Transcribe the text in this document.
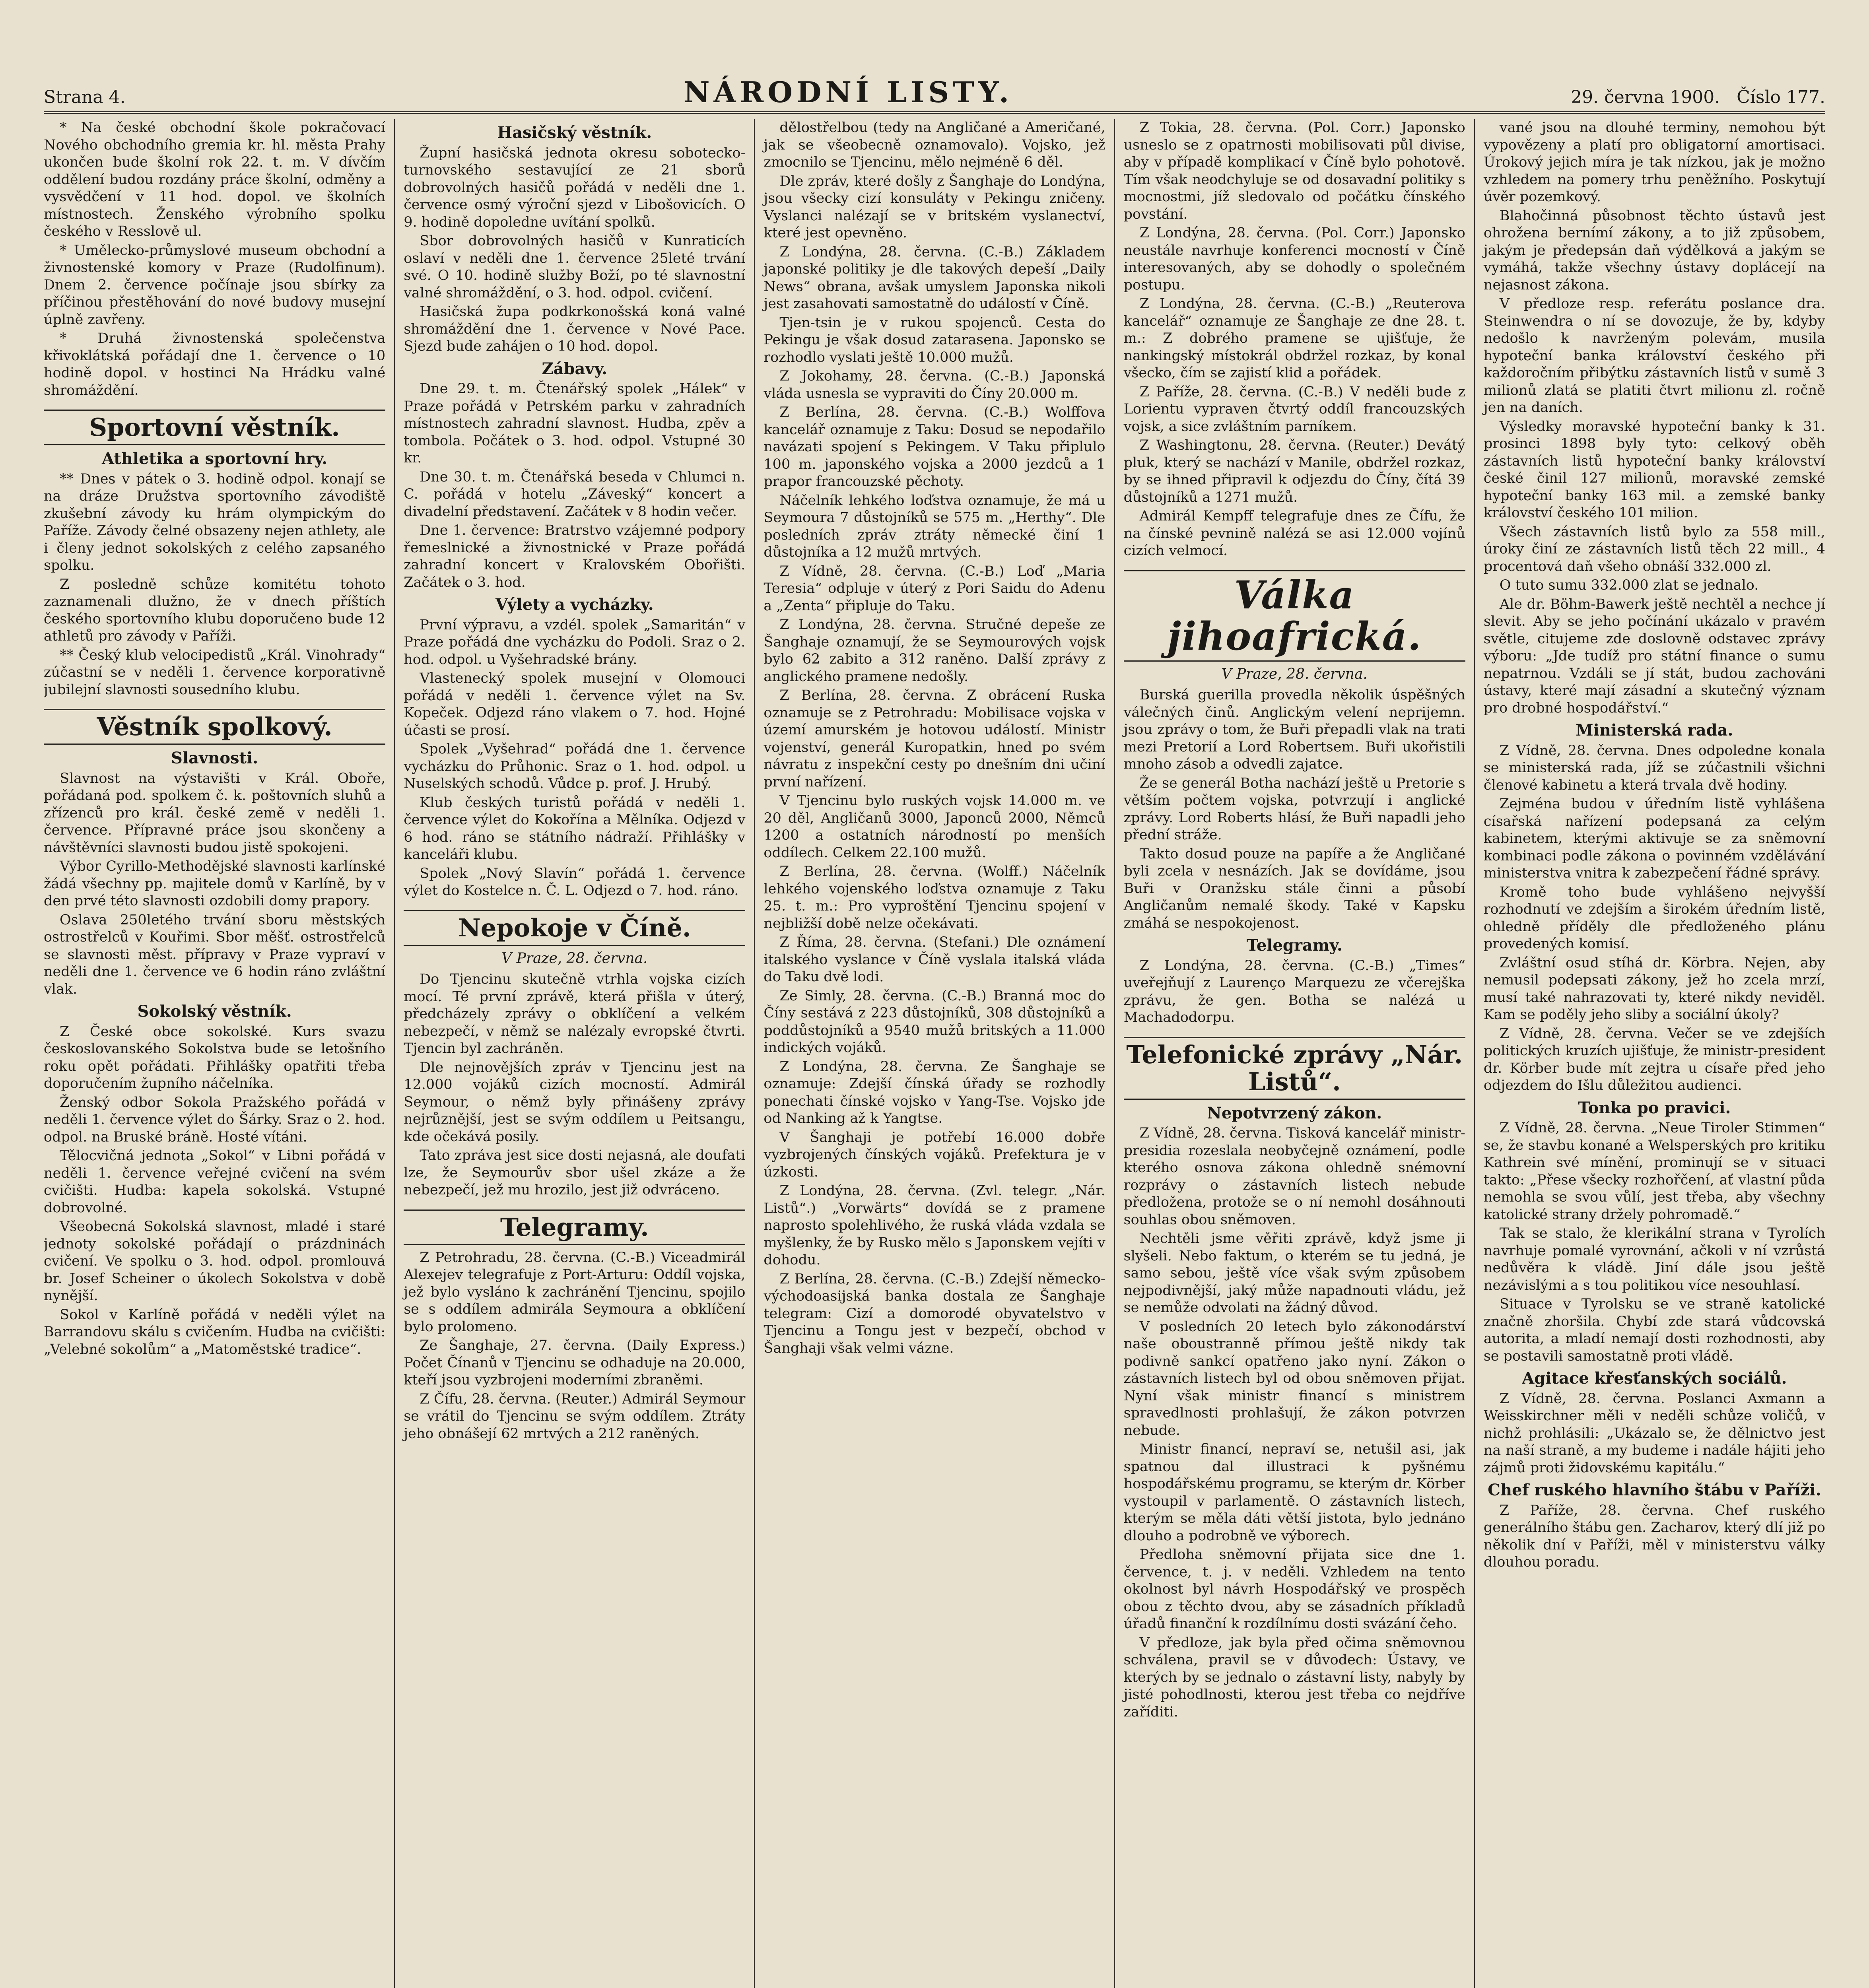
Strana 4.	NÁRODNÍ LISTY.	29. června 1900. Číslo 177.

* Na české obchodní škole pokračovací Nového obchodního gremia kr. hl. města Prahy ukončen bude školní rok 22. t. m. V dívčím oddělení budou rozdány práce školní, odměny a vysvědčení v 11 hod. dopol. ve školních místnostech. Ženského výrobního spolku českého v Resslově ul.

* Umělecko-průmyslové museum obchodní a živnostenské komory v Praze (Rudolfinum). Dnem 2. července počínaje jsou sbírky za příčinou přestěhování do nové budovy musejní úplně zavřeny.

* Druhá živnostenská společenstva křivoklátská pořádají dne 1. července o 10 hodině dopol. v hostinci Na Hrádku valné shromáždění.

Sportovní věstník.
Athletika a sportovní hry.

** Dnes v pátek o 3. hodině odpol. konají se na dráze Družstva sportovního závodiště zkušební závody ku hrám olympickým do Paříže. Závody čelné obsazeny nejen athlety, ale i členy jednot sokolských z celého zapsaného spolku.

Z posledně schůze komitétu tohoto zaznamenali dlužno, že v dnech příštích českého sportovního klubu doporučeno bude 12 athletů pro závody v Paříži.

** Český klub velocipedistů „Král. Vinohrady“ zúčastní se v neděli 1. července korporativně jubilejní slavnosti sousedního klubu.

Věstník spolkový.
Slavnosti.

Slavnost na výstavišti v Král. Oboře, pořádaná pod. spolkem č. k. poštovních sluhů a zřízenců pro král. české země v neděli 1. července. Přípravné práce jsou skončeny a návštěvníci slavnosti budou jistě spokojeni.

Výbor Cyrillo-Methodějské slavnosti karlínské žádá všechny pp. majitele domů v Karlíně, by v den prvé této slavnosti ozdobili domy prapory.

Oslava 250letého trvání sboru městských ostrostřelců v Kouřimi. Sbor měšť. ostrostřelců se slavnosti měst. přípravy v Praze vypraví v neděli dne 1. července ve 6 hodin ráno zvláštní vlak.

Sokolský věstník.

Z České obce sokolské. Kurs svazu českoslovanského Sokolstva bude se letošního roku opět pořádati. Přihlášky opatřiti třeba doporučením župního náčelníka.

Ženský odbor Sokola Pražského pořádá v neděli 1. července výlet do Šárky. Sraz o 2. hod. odpol. na Bruské bráně. Hosté vítáni.

Tělocvičná jednota „Sokol“ v Libni pořádá v neděli 1. července veřejné cvičení na svém cvičišti. Hudba: kapela sokolská. Vstupné dobrovolné.

Všeobecná Sokolská slavnost, mladé i staré jednoty sokolské pořádají o prázdninách cvičení. Ve spolku o 3. hod. odpol. promlouvá br. Josef Scheiner o úkolech Sokolstva v době nynější.

Sokol v Karlíně pořádá v neděli výlet na Barrandovu skálu s cvičením. Hudba na cvičišti: „Velebné sokolům“ a „Matoměstské tradice“.

Hasičský věstník.

Župní hasičská jednota okresu sobotecko-turnovského sestavující ze 21 sborů dobrovolných hasičů pořádá v neděli dne 1. července osmý výroční sjezd v Libošovicích. O 9. hodině dopoledne uvítání spolků.

Sbor dobrovolných hasičů v Kunraticích oslaví v neděli dne 1. července 25leté trvání své. O 10. hodině služby Boží, po té slavnostní valné shromáždění, o 3. hod. odpol. cvičení.

Hasičská župa podkrkonošská koná valné shromáždění dne 1. července v Nové Pace. Sjezd bude zahájen o 10 hod. dopol.

Zábavy.

Dne 29. t. m. Čtenářský spolek „Hálek“ v Praze pořádá v Petrském parku v zahradních místnostech zahradní slavnost. Hudba, zpěv a tombola. Počátek o 3. hod. odpol. Vstupné 30 kr.

Dne 30. t. m. Čtenářská beseda v Chlumci n. C. pořádá v hotelu „Záveský“ koncert a divadelní představení. Začátek v 8 hodin večer.

Dne 1. července: Bratrstvo vzájemné podpory řemeslnické a živnostnické v Praze pořádá zahradní koncert v Kralovském Obořišti. Začátek o 3. hod.

Výlety a vycházky.

První výpravu, a vzdél. spolek „Samaritán“ v Praze pořádá dne vycházku do Podoli. Sraz o 2. hod. odpol. u Vyšehradské brány.

Vlastenecký spolek musejní v Olomouci pořádá v neděli 1. července výlet na Sv. Kopeček. Odjezd ráno vlakem o 7. hod. Hojné účasti se prosí.

Spolek „Vyšehrad“ pořádá dne 1. července vycházku do Průhonic. Sraz o 1. hod. odpol. u Nuselských schodů. Vůdce p. prof. J. Hrubý.

Klub českých turistů pořádá v neděli 1. července výlet do Kokořína a Mělníka. Odjezd v 6 hod. ráno se státního nádraží. Přihlášky v kanceláři klubu.

Spolek „Nový Slavín“ pořádá 1. července výlet do Kostelce n. Č. L. Odjezd o 7. hod. ráno.

Nepokoje v Číně.
V Praze, 28. června.

Do Tjencinu skutečně vtrhla vojska cizích mocí. Té první zprávě, která přišla v úterý, předcházely zprávy o obklíčení a velkém nebezpečí, v němž se nalézaly evropské čtvrti. Tjencin byl zachráněn.

Dle nejnovějších zpráv v Tjencinu jest na 12.000 vojáků cizích mocností. Admirál Seymour, o němž byly přinášeny zprávy nejrůznější, jest se svým oddílem u Peitsangu, kde očekává posily.

Tato zpráva jest sice dosti nejasná, ale doufati lze, že Seymourův sbor ušel zkáze a že nebezpečí, jež mu hrozilo, jest již odvráceno.

Telegramy.

Z Petrohradu, 28. června. (C.-B.) Viceadmirál Alexejev telegrafuje z Port-Arturu: Oddíl vojska, jež bylo vysláno k zachránění Tjencinu, spojilo se s oddílem admirála Seymoura a obklíčení bylo prolomeno.

Ze Šanghaje, 27. června. (Daily Express.) Počet Čínanů v Tjencinu se odhaduje na 20.000, kteří jsou vyzbrojeni moderními zbraněmi.

Z Čífu, 28. června. (Reuter.) Admirál Seymour se vrátil do Tjencinu se svým oddílem. Ztráty jeho obnášejí 62 mrtvých a 212 raněných.

dělostřelbou (tedy na Angličané a Američané, jak se všeobecně oznamovalo). Vojsko, jež zmocnilo se Tjencinu, mělo nejméně 6 děl.

Dle zpráv, které došly z Šanghaje do Londýna, jsou všecky cizí konsuláty v Pekingu zničeny. Vyslanci nalézají se v britském vyslanectví, které jest opevněno.

Z Londýna, 28. června. (C.-B.) Základem japonské politiky je dle takových depeší „Daily News“ obrana, avšak umyslem Japonska nikoli jest zasahovati samostatně do událostí v Číně.

Tjen-tsin je v rukou spojenců. Cesta do Pekingu je však dosud zatarasena. Japonsko se rozhodlo vyslati ještě 10.000 mužů.

Z Jokohamy, 28. června. (C.-B.) Japonská vláda usnesla se vypraviti do Číny 20.000 m.

Z Berlína, 28. června. (C.-B.) Wolffova kancelář oznamuje z Taku: Dosud se nepodařilo navázati spojení s Pekingem. V Taku připlulo 100 m. japonského vojska a 2000 jezdců a 1 prapor francouzské pěchoty.

Náčelník lehkého loďstva oznamuje, že má u Seymoura 7 důstojníků se 575 m. „Herthy“. Dle posledních zpráv ztráty německé činí 1 důstojníka a 12 mužů mrtvých.

Z Vídně, 28. června. (C.-B.) Loď „Maria Teresia“ odpluje v úterý z Pori Saidu do Adenu a „Zenta“ připluje do Taku.

Z Londýna, 28. června. Stručné depeše ze Šanghaje oznamují, že se Seymourových vojsk bylo 62 zabito a 312 raněno. Další zprávy z anglického pramene nedošly.

Z Berlína, 28. června. Z obrácení Ruska oznamuje se z Petrohradu: Mobilisace vojska v území amurském je hotovou událostí. Ministr vojenství, generál Kuropatkin, hned po svém návratu z inspekční cesty po dnešním dni učiní první nařízení.

V Tjencinu bylo ruských vojsk 14.000 m. ve 20 děl, Angličanů 3000, Japonců 2000, Němců 1200 a ostatních národností po menších oddílech. Celkem 22.100 mužů.

Z Berlína, 28. června. (Wolff.) Náčelník lehkého vojenského loďstva oznamuje z Taku 25. t. m.: Pro vyproštění Tjencinu spojení v nejbližší době nelze očekávati.

Z Říma, 28. června. (Stefani.) Dle oznámení italského vyslance v Číně vyslala italská vláda do Taku dvě lodi.

Ze Simly, 28. června. (C.-B.) Branná moc do Číny sestává z 223 důstojníků, 308 důstojníků a poddůstojníků a 9540 mužů britských a 11.000 indických vojáků.

Z Londýna, 28. června. Ze Šanghaje se oznamuje: Zdejší čínská úřady se rozhodly ponechati čínské vojsko v Yang-Tse. Vojsko jde od Nanking až k Yangtse.

V Šanghaji je potřebí 16.000 dobře vyzbrojených čínských vojáků. Prefektura je v úzkosti.

Z Londýna, 28. června. (Zvl. telegr. „Nár. Listů“.) „Vorwärts“ dovídá se z pramene naprosto spolehlivého, že ruská vláda vzdala se myšlenky, že by Rusko mělo s Japonskem vejíti v dohodu.

Z Berlína, 28. června. (C.-B.) Zdejší německo-východoasijská banka dostala ze Šanghaje telegram: Cizí a domorodé obyvatelstvo v Tjencinu a Tongu jest v bezpečí, obchod v Šanghaji však velmi vázne.

Z Tokia, 28. června. (Pol. Corr.) Japonsko usneslo se z opatrnosti mobilisovati půl divise, aby v případě komplikací v Číně bylo pohotově. Tím však neodchyluje se od dosavadní politiky s mocnostmi, jíž sledovalo od počátku čínského povstání.

Z Londýna, 28. června. (Pol. Corr.) Japonsko neustále navrhuje konferenci mocností v Číně interesovaných, aby se dohodly o společném postupu.

Z Londýna, 28. června. (C.-B.) „Reuterova kancelář“ oznamuje ze Šanghaje ze dne 28. t. m.: Z dobrého pramene se ujišťuje, že nankingský místokrál obdržel rozkaz, by konal všecko, čím se zajistí klid a pořádek.

Z Paříže, 28. června. (C.-B.) V neděli bude z Lorientu vypraven čtvrtý oddíl francouzských vojsk, a sice zvláštním parníkem.

Z Washingtonu, 28. června. (Reuter.) Devátý pluk, který se nachází v Manile, obdržel rozkaz, by se ihned připravil k odjezdu do Číny, čítá 39 důstojníků a 1271 mužů.

Admirál Kempff telegrafuje dnes ze Čífu, že na čínské pevnině nalézá se asi 12.000 vojínů cizích velmocí.

Válka jihoafrická.
V Praze, 28. června.

Burská guerilla provedla několik úspěšných válečných činů. Anglickým velení neprijemn. jsou zprávy o tom, že Buři přepadli vlak na trati mezi Pretorií a Lord Robertsem. Buři ukořistili mnoho zásob a odvedli zajatce.

Že se generál Botha nachází ještě u Pretorie s větším počtem vojska, potvrzují i anglické zprávy. Lord Roberts hlásí, že Buři napadli jeho přední stráže.

Takto dosud pouze na papíře a že Angličané byli zcela v nesnázích. Jak se dovídáme, jsou Buři v Oranžsku stále činni a působí Angličanům nemalé škody. Také v Kapsku zmáhá se nespokojenost.

Telegramy.

Z Londýna, 28. června. (C.-B.) „Times“ uveřejňují z Laurenço Marquezu ze včerejška zprávu, že gen. Botha se nalézá u Machadodorpu.

Telefonické zprávy „Nár. Listů“.
Nepotvrzený zákon.

Z Vídně, 28. června. Tisková kancelář ministr-presidia rozeslala neobyčejně oznámení, podle kterého osnova zákona ohledně snémovní rozprávy o zástavních listech nebude předložena, protože se o ní nemohl dosáhnouti souhlas obou sněmoven.

Nechtěli jsme věřiti zprávě, když jsme ji slyšeli. Nebo faktum, o kterém se tu jedná, je samo sebou, ještě více však svým způsobem nejpodivnější, jaký může napadnouti vládu, jež se nemůže odvolati na žádný důvod.

V posledních 20 letech bylo zákonodárství naše oboustranně přímou ještě nikdy tak podivně sankcí opatřeno jako nyní. Zákon o zástavních listech byl od obou sněmoven přijat. Nyní však ministr financí s ministrem spravedlnosti prohlašují, že zákon potvrzen nebude.

Ministr financí, nepraví se, netušil asi, jak spatnou dal illustraci k pyšnému hospodářskému programu, se kterým dr. Körber vystoupil v parlamentě. O zástavních listech, kterým se měla dáti větší jistota, bylo jednáno dlouho a podrobně ve výborech.

Předloha sněmovní přijata sice dne 1. července, t. j. v neděli. Vzhledem na tento okolnost byl návrh Hospodářský ve prospěch obou z těchto dvou, aby se zásadních příkladů úřadů finanční k rozdílnímu dosti svázání čeho.

V předloze, jak byla před očima sněmovnou schválena, pravil se v důvodech: Ústavy, ve kterých by se jednalo o zástavní listy, nabyly by jisté pohodlnosti, kterou jest třeba co nejdříve zaříditi.

vané jsou na dlouhé terminy, nemohou být vypovězeny a platí pro obligatorní amortisaci. Úrokový jejich míra je tak nízkou, jak je možno vzhledem na pomery trhu peněžního. Poskytují úvěr pozemkový.

Blahočinná působnost těchto ústavů jest ohrožena bernímí zákony, a to již způsobem, jakým je předepsán daň výdělková a jakým se vymáhá, takže všechny ústavy doplácejí na nejasnost zákona.

V předloze resp. referátu poslance dra. Steinwendra o ní se dovozuje, že by, kdyby nedošlo k navrženým polevám, musila hypoteční banka království českého při každoročním přibýtku zástavních listů v sumě 3 milionů zlatá se platiti čtvrt milionu zl. ročně jen na daních.

Výsledky moravské hypoteční banky k 31. prosinci 1898 byly tyto: celkový oběh zástavních listů hypoteční banky království české činil 127 milionů, moravské zemské hypoteční banky 163 mil. a zemské banky království českého 101 milion.

Všech zástavních listů bylo za 558 mill., úroky činí ze zástavních listů těch 22 mill., 4 procentová daň všeho obnáší 332.000 zl.

O tuto sumu 332.000 zlat se jednalo.

Ale dr. Böhm-Bawerk ještě nechtěl a nechce jí slevit. Aby se jeho počínání ukázalo v pravém světle, citujeme zde doslovně odstavec zprávy výboru: „Jde tudíž pro státní finance o sumu nepatrnou. Vzdáli se jí stát, budou zachováni ústavy, které mají zásadní a skutečný význam pro drobné hospodářství.“

Ministerská rada.

Z Vídně, 28. června. Dnes odpoledne konala se ministerská rada, jíž se zúčastnili všichni členové kabinetu a která trvala dvě hodiny.

Zejména budou v úředním listě vyhlášena císařská nařízení podepsaná za celým kabinetem, kterými aktivuje se za sněmovní kombinaci podle zákona o povinném vzdělávání ministerstva vnitra k zabezpečení řádné správy.

Kromě toho bude vyhlášeno nejvyšší rozhodnutí ve zdejším a širokém úředním listě, ohledně příděly dle předloženého plánu provedených komisí.

Zvláštní osud stíhá dr. Körbra. Nejen, aby nemusil podepsati zákony, jež ho zcela mrzí, musí také nahrazovati ty, které nikdy neviděl. Kam se poděly jeho sliby a sociální úkoly?

Z Vídně, 28. června. Večer se ve zdejších politických kruzích ujišťuje, že ministr-president dr. Körber bude mít zejtra u císaře před jeho odjezdem do Išlu důležitou audienci.

Tonka po pravici.

Z Vídně, 28. června. „Neue Tiroler Stimmen“ se, že stavbu konané a Welsperských pro kritiku Kathrein své mínění, prominují se v situaci takto: „Přese všecky rozhořčení, ať vlastní půda nemohla se svou vůlí, jest třeba, aby všechny katolické strany držely pohromadě.“

Tak se stalo, že klerikální strana v Tyrolích navrhuje pomalé vyrovnání, ačkoli v ní vzrůstá nedůvěra k vládě. Jiní dále jsou ještě nezávislými a s tou politikou více nesouhlasí.

Situace v Tyrolsku se ve straně katolické značně zhoršila. Chybí zde stará vůdcovská autorita, a mladí nemají dosti rozhodnosti, aby se postavili samostatně proti vládě.

Agitace křesťanských sociálů.

Z Vídně, 28. června. Poslanci Axmann a Weisskirchner měli v neděli schůze voličů, v nichž prohlásili: „Ukázalo se, že dělnictvo jest na naší straně, a my budeme i nadále hájiti jeho zájmů proti židovskému kapitálu.“

Chef ruského hlavního štábu v Paříži.

Z Paříže, 28. června. Chef ruského generálního štábu gen. Zacharov, který dlí již po několik dní v Paříži, měl v ministerstvu války dlouhou poradu.
